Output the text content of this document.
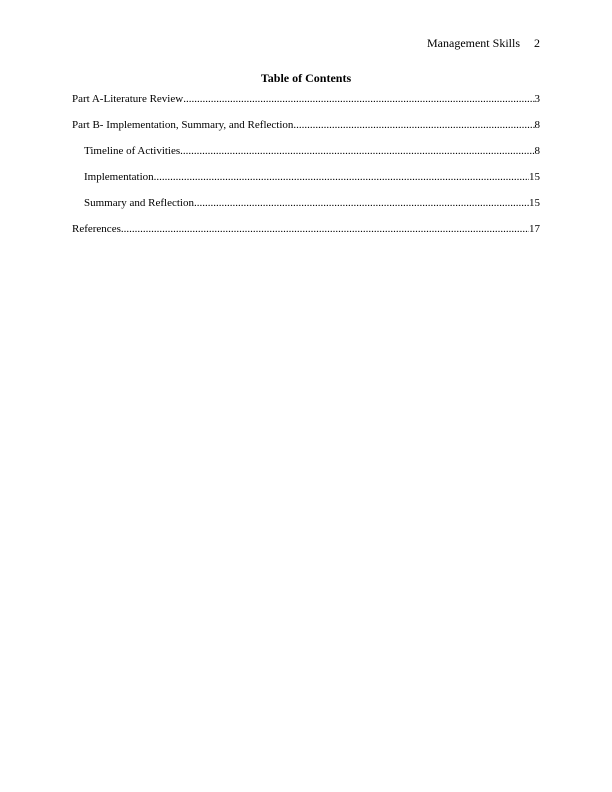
Management Skills 2
Table of Contents
Part A-Literature Review .....	3
Part B- Implementation, Summary, and Reflection .....	8
Timeline of Activities .....	8
Implementation .....	15
Summary and Reflection .....	15
References .....	17
